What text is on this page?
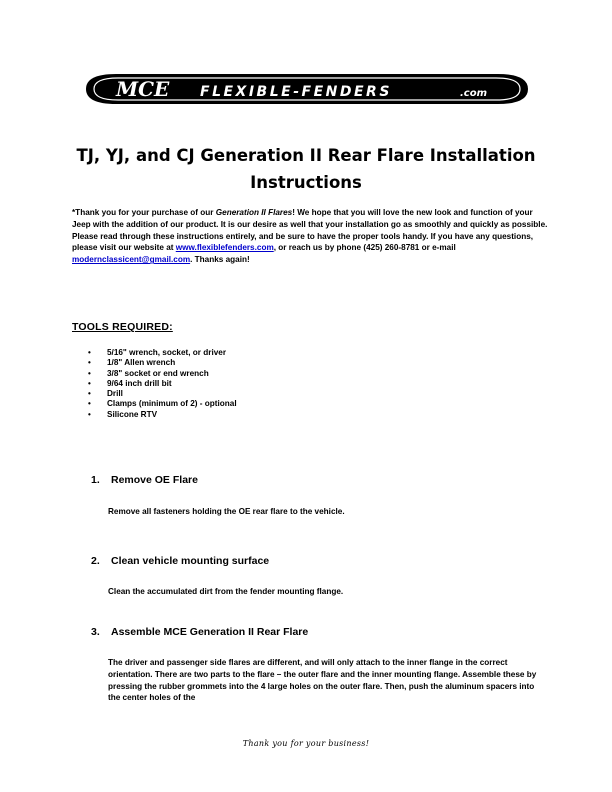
MCE FLEXIBLE-FENDERS	.com
TJ, YJ, and CJ Generation II Rear Flare Installation
Instructions
*Thank you for your purchase of our Generation II Flares! We hope that you will love the new look and function of your Jeep with the addition of our product. It is our desire as well that your installation go as smoothly and quickly as possible. Please read through these instructions entirely, and be sure to have the proper tools handy. If you have any questions, please visit our website at www.flexiblefenders.com, or reach us by phone (425) 260-8781 or e-mail modernclassicent@gmail.com. Thanks again!
TOOLS REQUIRED:
• 5/16" wrench, socket, or driver
• 1/8" Allen wrench
• 3/8" socket or end wrench
• 9/64 inch drill bit
• Drill
• Clamps (minimum of 2) - optional
• Silicone RTV
1. Remove OE Flare
Remove all fasteners holding the OE rear flare to the vehicle.
2. Clean vehicle mounting surface
Clean the accumulated dirt from the fender mounting flange.
3. Assemble MCE Generation II Rear Flare
The driver and passenger side flares are different, and will only attach to the inner flange in the correct orientation. There are two parts to the flare – the outer flare and the inner mounting flange. Assemble these by pressing the rubber grommets into the 4 large holes on the outer flare. Then, push the aluminum spacers into the center holes of the
Thank you for your business!
